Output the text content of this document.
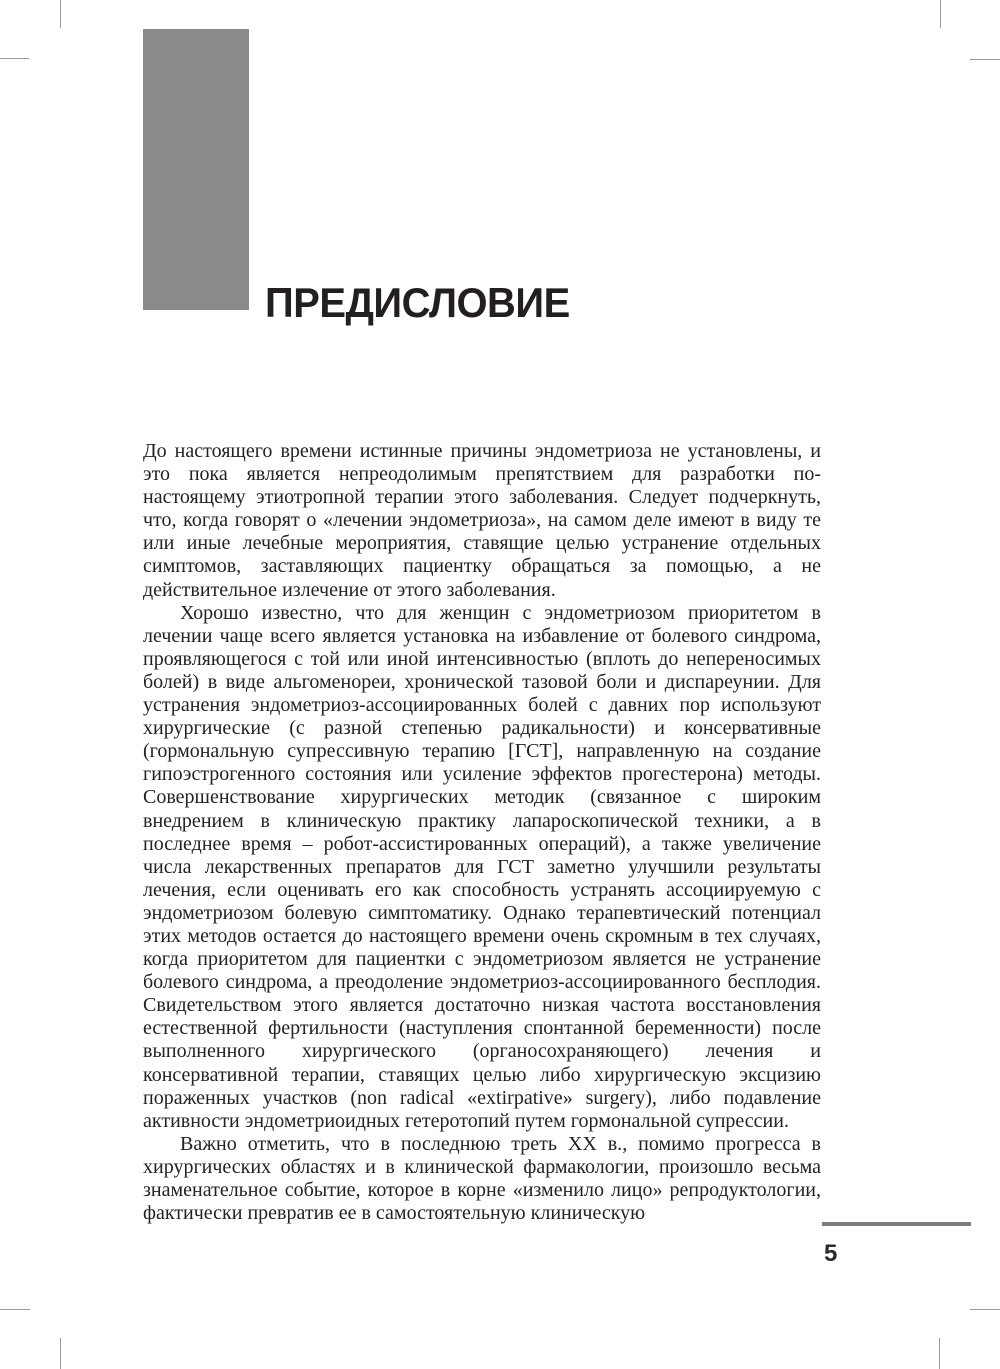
ПРЕДИСЛОВИЕ

До настоящего времени истинные причины эндометриоза не установлены, и это пока является непреодолимым препятствием для разработки по-настоящему этиотропной терапии этого заболевания. Следует подчеркнуть, что, когда говорят о «лечении эндометриоза», на самом деле имеют в виду те или иные лечебные мероприятия, ставящие целью устранение отдельных симптомов, заставляющих пациентку обращаться за помощью, а не действительное излечение от этого заболевания.

Хорошо известно, что для женщин с эндометриозом приоритетом в лечении чаще всего является установка на избавление от болевого синдрома, проявляющегося с той или иной интенсивностью (вплоть до непереносимых болей) в виде альгоменореи, хронической тазовой боли и диспареунии. Для устранения эндометриоз-ассоциированных болей с давних пор используют хирургические (с разной степенью радикальности) и консервативные (гормональную супрессивную терапию [ГСТ], направленную на создание гипоэстрогенного состояния или усиление эффектов прогестерона) методы. Совершенствование хирургических методик (связанное с широким внедрением в клиническую практику лапароскопической техники, а в последнее время – робот-ассистированных операций), а также увеличение числа лекарственных препаратов для ГСТ заметно улучшили результаты лечения, если оценивать его как способность устранять ассоциируемую с эндометриозом болевую симптоматику. Однако терапевтический потенциал этих методов остается до настоящего времени очень скромным в тех случаях, когда приоритетом для пациентки с эндометриозом является не устранение болевого синдрома, а преодоление эндометриоз-ассоциированного бесплодия. Свидетельством этого является достаточно низкая частота восстановления естественной фертильности (наступления спонтанной беременности) после выполненного хирургического (органосохраняющего) лечения и консервативной терапии, ставящих целью либо хирургическую эксцизию пораженных участков (non radical «extirpative» surgery), либо подавление активности эндометриоидных гетеротопий путем гормональной супрессии.

Важно отметить, что в последнюю треть XX в., помимо прогресса в хирургических областях и в клинической фармакологии, произошло весьма знаменательное событие, которое в корне «изменило лицо» репродуктологии, фактически превратив ее в самостоятельную клиническую

5
